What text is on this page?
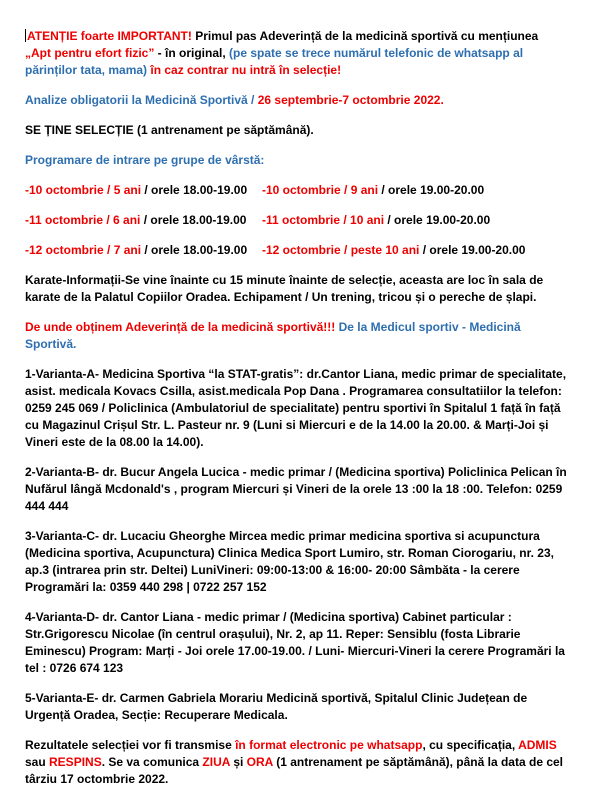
ATENȚIE foarte IMPORTANT! Primul pas Adeverință de la medicină sportivă cu mențiunea „Apt pentru efort fizic” - în original, (pe spate se trece numărul telefonic de whatsapp al părinților tata, mama) în caz contrar nu intră în selecție!

Analize obligatorii la Medicină Sportivă / 26 septembrie-7 octombrie 2022.

SE ȚINE SELECȚIE (1 antrenament pe săptămână).

Programare de intrare pe grupe de vârstă:

-10 octombrie / 5 ani / orele 18.00-19.00	-10 octombrie / 9 ani / orele 19.00-20.00
-11 octombrie / 6 ani / orele 18.00-19.00	-11 octombrie / 10 ani / orele 19.00-20.00
-12 octombrie / 7 ani / orele 18.00-19.00	-12 octombrie / peste 10 ani / orele 19.00-20.00

Karate-Informații-Se vine înainte cu 15 minute înainte de selecție, aceasta are loc în sala de karate de la Palatul Copiilor Oradea. Echipament / Un trening, tricou și o pereche de șlapi.

De unde obținem Adeverință de la medicină sportivă!!! De la Medicul sportiv - Medicină Sportivă.

1-Varianta-A- Medicina Sportiva “la STAT-gratis”: dr.Cantor Liana, medic primar de specialitate, asist. medicala Kovacs Csilla, asist.medicala Pop Dana . Programarea consultatiilor la telefon: 0259 245 069 / Policlinica (Ambulatoriul de specialitate) pentru sportivi în Spitalul 1 față în față cu Magazinul Crișul Str. L. Pasteur nr. 9 (Luni si Miercuri e de la 14.00 la 20.00. & Marți-Joi și Vineri este de la 08.00 la 14.00).

2-Varianta-B- dr. Bucur Angela Lucica - medic primar / (Medicina sportiva) Policlinica Pelican în Nufărul lângă Mcdonald's , program Miercuri și Vineri de la orele 13 :00 la 18 :00. Telefon: 0259 444 444

3-Varianta-C- dr. Lucaciu Gheorghe Mircea medic primar medicina sportiva si acupunctura (Medicina sportiva, Acupunctura) Clinica Medica Sport Lumiro, str. Roman Ciorogariu, nr. 23, ap.3 (intrarea prin str. Deltei) LuniVineri: 09:00-13:00 & 16:00- 20:00 Sâmbăta - la cerere Programări la: 0359 440 298 | 0722 257 152

4-Varianta-D- dr. Cantor Liana - medic primar / (Medicina sportiva) Cabinet particular : Str.Grigorescu Nicolae (în centrul orașului), Nr. 2, ap 11. Reper: Sensiblu (fosta Librarie Eminescu) Program: Marți - Joi orele 17.00-19.00. / Luni- Miercuri-Vineri la cerere Programări la tel : 0726 674 123

5-Varianta-E- dr. Carmen Gabriela Morariu Medicină sportivă, Spitalul Clinic Județean de Urgență Oradea, Secție: Recuperare Medicala.

Rezultatele selecției vor fi transmise în format electronic pe whatsapp, cu specificația, ADMIS sau RESPINS. Se va comunica ZIUA și ORA (1 antrenament pe săptămână), până la data de cel târziu 17 octombrie 2022.
